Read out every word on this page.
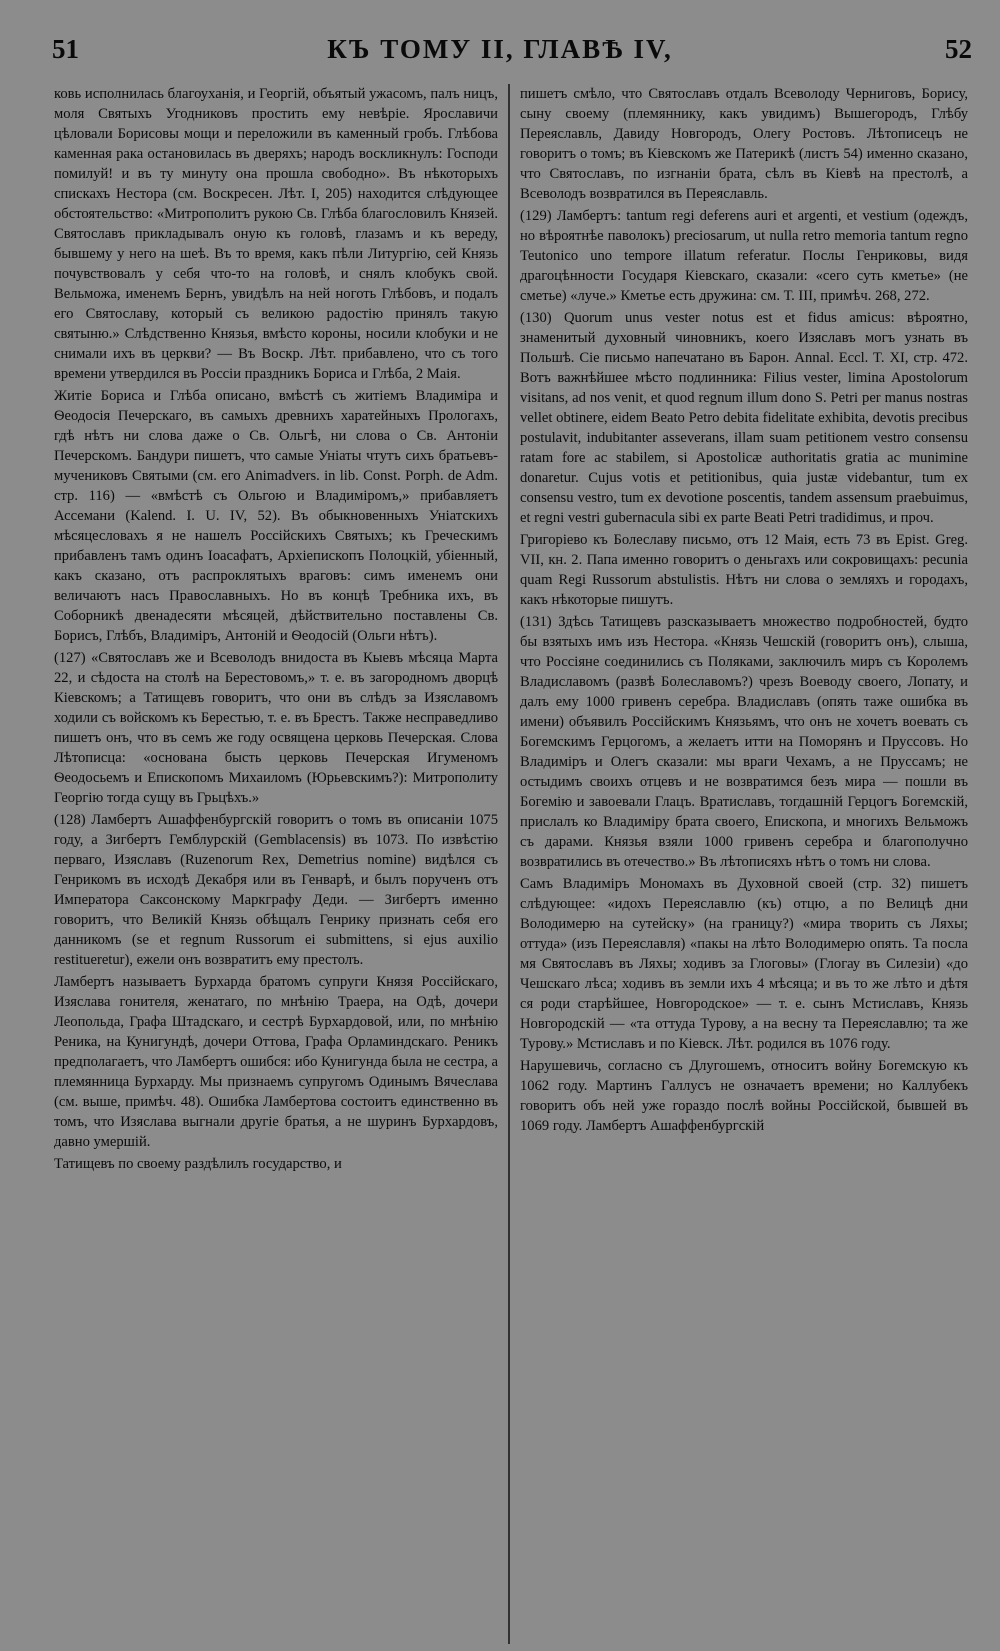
51	КЪ ТОМУ II, ГЛАВѢ IV,	52

ковь исполнилась благоуханія, и Георгій, объятый ужасомъ, палъ ницъ, моля Святыхъ Угодниковъ простить ему невѣріе. Ярославичи цѣловали Борисовы мощи и переложили въ каменный гробъ. Глѣбова каменная рака остановилась въ дверяхъ; народъ воскликнулъ: Господи помилуй! и въ ту минуту она прошла свободно». Въ нѣкоторыхъ спискахъ Нестора (см. Воскресен. Лѣт. I, 205) находится слѣдующее обстоятельство: «Митрополитъ рукою Св. Глѣба благословилъ Князей. Святославъ прикладывалъ оную къ головѣ, глазамъ и къ вереду, бывшему у него на шеѣ. Въ то время, какъ пѣли Литургію, сей Князь почувствовалъ у себя что-то на головѣ, и снялъ клобукъ свой. Вельможа, именемъ Бернъ, увидѣлъ на ней ноготь Глѣбовъ, и подалъ его Святославу, который съ великою радостію принялъ такую святыню.» Слѣдственно Князья, вмѣсто короны, носили клобуки и не снимали ихъ въ церкви? — Въ Воскр. Лѣт. прибавлено, что съ того времени утвердился въ Россіи праздникъ Бориса и Глѣба, 2 Маія.

Житіе Бориса и Глѣба описано, вмѣстѣ съ житіемъ Владиміра и Ѳеодосія Печерскаго, въ самыхъ древнихъ харатейныхъ Прологахъ, гдѣ нѣтъ ни слова даже о Св. Ольгѣ, ни слова о Св. Антоніи Печерскомъ. Бандури пишетъ, что самые Уніаты чтутъ сихъ братьевъ-мучениковъ Святыми (см. его Animadvers. in lib. Const. Porph. de Adm. стр. 116) — «вмѣстѣ съ Ольгою и Владиміромъ,» прибавляетъ Ассемани (Kalend. I. U. IV, 52). Въ обыкновенныхъ Уніатскихъ мѣсяцесловахъ я не нашелъ Россійскихъ Святыхъ; къ Греческимъ прибавленъ тамъ одинъ Іоасафатъ, Архіепископъ Полоцкій, убіенный, какъ сказано, отъ распроклятыхъ враговъ: симъ именемъ они величаютъ насъ Православныхъ. Но въ концѣ Требника ихъ, въ Соборникѣ двенадесяти мѣсяцей, дѣйствительно поставлены Св. Борисъ, Глѣбъ, Владиміръ, Антоній и Ѳеодосій (Ольги нѣтъ).

(127) «Святославъ же и Всеволодъ внидоста въ Кыевъ мѣсяца Марта 22, и сѣдоста на столѣ на Берестовомъ,» т. е. въ загородномъ дворцѣ Кіевскомъ; а Татищевъ говоритъ, что они въ слѣдъ за Изяславомъ ходили съ войскомъ къ Берестью, т. е. въ Брестъ. Также несправедливо пишетъ онъ, что въ семъ же году освящена церковь Печерская. Слова Лѣтописца: «основана бысть церковь Печерская Игуменомъ Ѳеодосьемъ и Епископомъ Михаиломъ (Юрьевскимъ?): Митрополиту Георгію тогда сущу въ Грьцѣхъ.»

(128) Ламбертъ Ашаффенбургскій говоритъ о томъ въ описаніи 1075 году, а Зигбертъ Гемблурскій (Gemblacensis) въ 1073. По извѣстію перваго, Изяславъ (Ruzenorum Rex, Demetrius nomine) видѣлся съ Генрикомъ въ исходѣ Декабря или въ Генварѣ, и былъ порученъ отъ Императора Саксонскому Маркграфу Деди. — Зигбертъ именно говоритъ, что Великій Князь обѣщалъ Генрику признать себя его данникомъ (se et regnum Russorum ei submittens, si ejus auxilio restitueretur), ежели онъ возвратитъ ему престолъ.

Ламбертъ называетъ Бурхарда братомъ супруги Князя Россійскаго, Изяслава гонителя, женатаго, по мнѣнію Траера, на Одѣ, дочери Леопольда, Графа Штадскаго, и сестрѣ Бурхардовой, или, по мнѣнію Реника, на Кунигундѣ, дочери Оттова, Графа Орламиндскаго. Реникъ предполагаетъ, что Ламбертъ ошибся: ибо Кунигунда была не сестра, а племянница Бурхарду. Мы признаемъ супругомъ Одинымъ Вячеслава (см. выше, примѣч. 48). Ошибка Ламбертова состоитъ единственно въ томъ, что Изяслава выгнали другіе братья, а не шуринъ Бурхардовъ, давно умершій.

Татищевъ по своему раздѣлилъ государство, и

пишетъ смѣло, что Святославъ отдалъ Всеволоду Черниговъ, Борису, сыну своему (племяннику, какъ увидимъ) Вышегородъ, Глѣбу Переяславль, Давиду Новгородъ, Олегу Ростовъ. Лѣтописецъ не говоритъ о томъ; въ Кіевскомъ же Патерикѣ (листъ 54) именно сказано, что Святославъ, по изгнаніи брата, сѣлъ въ Кіевѣ на престолѣ, а Всеволодъ возвратился въ Переяславль.

(129) Ламбертъ: tantum regi deferens auri et argenti, et vestium (одеждъ, но вѣроятнѣе паволокъ) preciosarum, ut nulla retro memoria tantum regno Teutonico uno tempore illatum referatur. Послы Генриковы, видя драгоцѣнности Государя Кіевскаго, сказали: «сего суть кметье» (не сметье) «луче.» Кметье есть дружина: см. Т. III, примѣч. 268, 272.

(130) Quorum unus vester notus est et fidus amicus: вѣроятно, знаменитый духовный чиновникъ, коего Изяславъ могъ узнать въ Польшѣ. Сіе письмо напечатано въ Барон. Annal. Eccl. T. XI, стр. 472. Вотъ важнѣйшее мѣсто подлинника: Filius vester, limina Apostolorum visitans, ad nos venit, et quod regnum illum dono S. Petri per manus nostras vellet obtinere, eidem Beato Petro debita fidelitate exhibita, devotis precibus postulavit, indubitanter asseverans, illam suam petitionem vestro consensu ratam fore ac stabilem, si Apostolicæ authoritatis gratia ac munimine donaretur. Cujus votis et petitionibus, quia justæ videbantur, tum ex consensu vestro, tum ex devotione poscentis, tandem assensum praebuimus, et regni vestri gubernacula sibi ex parte Beati Petri tradidimus, и проч.

Григоріево къ Болеславу письмо, отъ 12 Маія, есть 73 въ Epist. Greg. VII, кн. 2. Папа именно говоритъ о деньгахъ или сокровищахъ: pecunia quam Regi Russorum abstulistis. Нѣтъ ни слова о земляхъ и городахъ, какъ нѣкоторые пишутъ.

(131) Здѣсь Татищевъ разсказываетъ множество подробностей, будто бы взятыхъ имъ изъ Нестора. «Князь Чешскій (говоритъ онъ), слыша, что Россіяне соединились съ Поляками, заключилъ миръ съ Королемъ Владиславомъ (развѣ Болеславомъ?) чрезъ Воеводу своего, Лопату, и далъ ему 1000 гривенъ серебра. Владиславъ (опять таже ошибка въ имени) объявилъ Россійскимъ Князьямъ, что онъ не хочетъ воевать съ Богемскимъ Герцогомъ, а желаетъ итти на Поморянъ и Пруссовъ. Но Владиміръ и Олегъ сказали: мы враги Чехамъ, а не Пруссамъ; не остыдимъ своихъ отцевъ и не возвратимся безъ мира — пошли въ Богемію и завоевали Глацъ. Вратиславъ, тогдашній Герцогъ Богемскій, прислалъ ко Владиміру брата своего, Епископа, и многихъ Вельможъ съ дарами. Князья взяли 1000 гривенъ серебра и благополучно возвратились въ отечество.» Въ лѣтописяхъ нѣтъ о томъ ни слова.

Самъ Владиміръ Мономахъ въ Духовной своей (стр. 32) пишетъ слѣдующее: «идохъ Переяславлю (къ) отцю, а по Велицѣ дни Володимерю на сутейску» (на границу?) «мира творить съ Ляхы; оттуда» (изъ Переяславля) «пакы на лѣто Володимерю опять. Та посла мя Святославъ въ Ляхы; ходивъ за Глоговы» (Глогау въ Силезіи) «до Чешскаго лѣса; ходивъ въ земли ихъ 4 мѣсяца; и въ то же лѣто и дѣтя ся роди старѣйшее, Новгородское» — т. е. сынъ Мстиславъ, Князь Новгородскій — «та оттуда Турову, а на весну та Переяславлю; та же Турову.» Мстиславъ и по Кіевск. Лѣт. родился въ 1076 году.

Нарушевичь, согласно съ Длугошемъ, относитъ войну Богемскую къ 1062 году. Мартинъ Галлусъ не означаетъ времени; но Каллубекъ говоритъ объ ней уже гораздо послѣ войны Россійской, бывшей въ 1069 году. Ламбертъ Ашаффенбургскій
